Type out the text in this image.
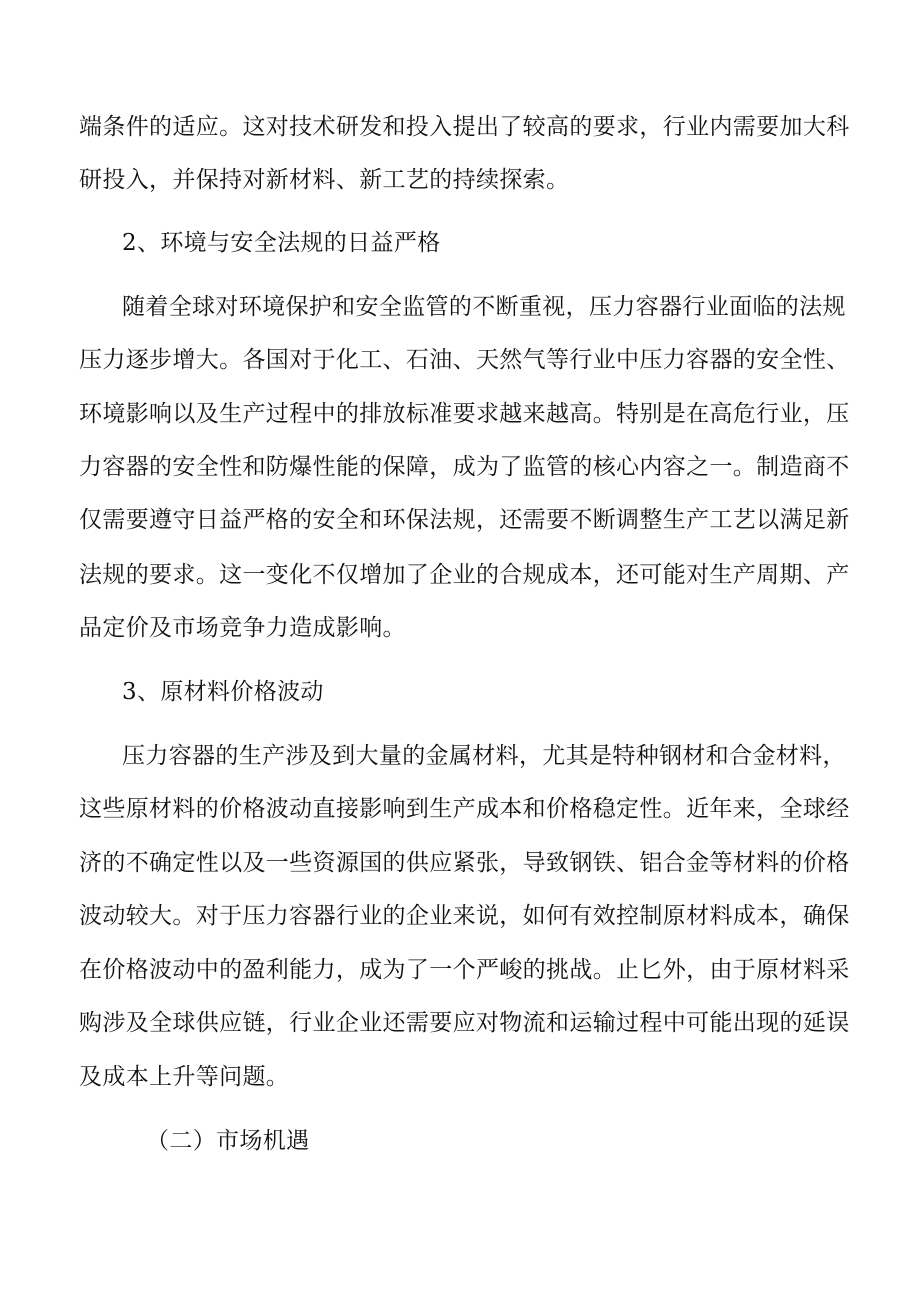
端条件的适应。这对技术研发和投入提出了较高的要求，行业内需要加大科
研投入，并保持对新材料、新工艺的持续探索。
2、环境与安全法规的日益严格
随着全球对环境保护和安全监管的不断重视，压力容器行业面临的法规
压力逐步增大。各国对于化工、石油、天然气等行业中压力容器的安全性、
环境影响以及生产过程中的排放标准要求越来越高。特别是在高危行业，压
力容器的安全性和防爆性能的保障，成为了监管的核心内容之一。制造商不
仅需要遵守日益严格的安全和环保法规，还需要不断调整生产工艺以满足新
法规的要求。这一变化不仅增加了企业的合规成本，还可能对生产周期、产
品定价及市场竞争力造成影响。
3、原材料价格波动
压力容器的生产涉及到大量的金属材料，尤其是特种钢材和合金材料，
这些原材料的价格波动直接影响到生产成本和价格稳定性。近年来，全球经
济的不确定性以及一些资源国的供应紧张，导致钢铁、铝合金等材料的价格
波动较大。对于压力容器行业的企业来说，如何有效控制原材料成本，确保
在价格波动中的盈利能力，成为了一个严峻的挑战。止匕外，由于原材料采
购涉及全球供应链，行业企业还需要应对物流和运输过程中可能出现的延误
及成本上升等问题。
（二）市场机遇
